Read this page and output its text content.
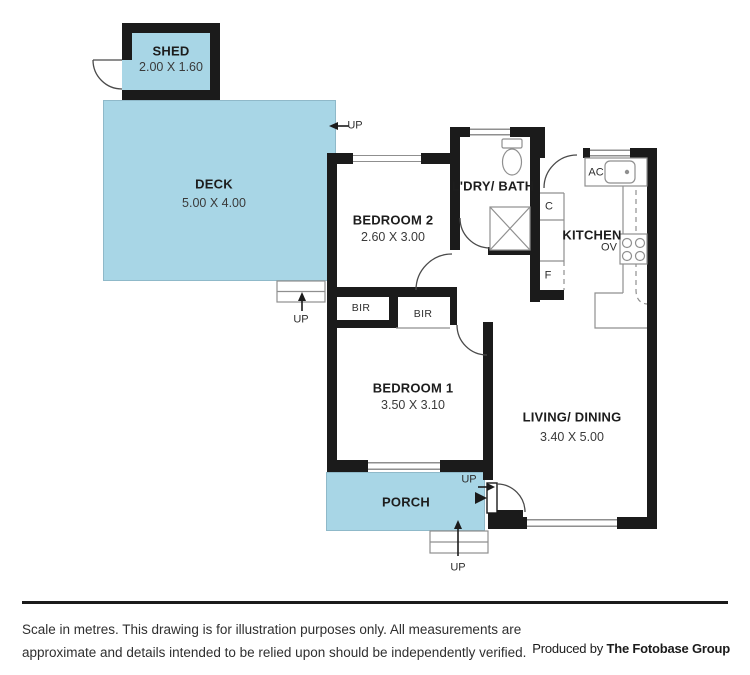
SHED
2.00 X 1.60
DECK
5.00 X 4.00
BEDROOM 2
2.60 X 3.00
L'DRY/ BATH
KITCHEN
BEDROOM 1
3.50 X 3.10
LIVING/ DINING
3.40 X 5.00
PORCH
BIR	BIR
C
F
AC
OV
UP
UP
UP
UP
Scale in metres. This drawing is for illustration purposes only. All measurements are
approximate and details intended to be relied upon should be independently verified. Produced by The Fotobase Group
